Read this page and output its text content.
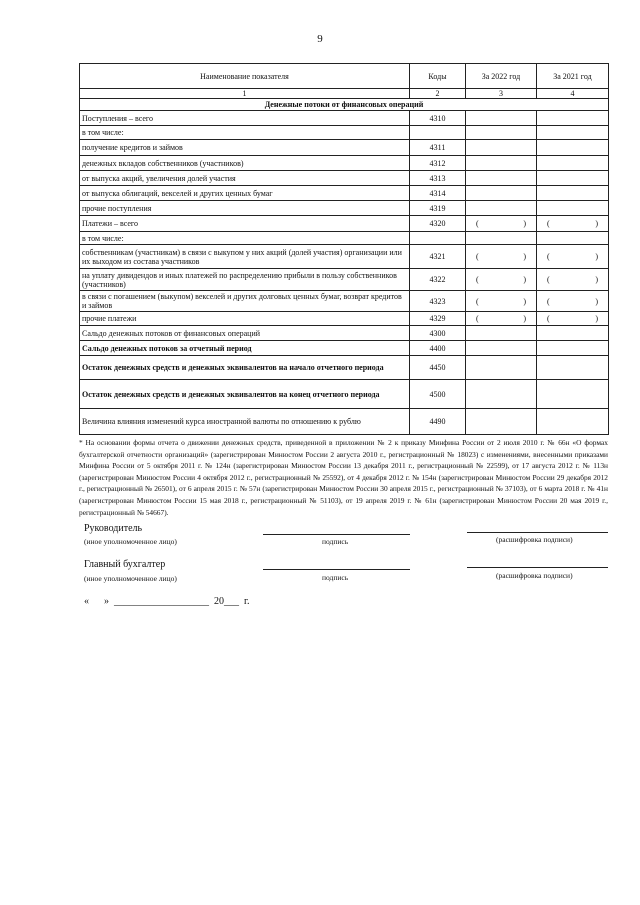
9
Наименование показателя	Коды	За 2022 год	За 2021 год
1	2	3	4
Денежные потоки от финансовых операций			
Поступления – всего	4310		
в том числе:			
получение кредитов и займов	4311		
денежных вкладов собственников (участников)	4312		
от выпуска акций, увеличения долей участия	4313		
от выпуска облигаций, векселей и других ценных бумаг	4314		
прочие поступления	4319		
Платежи – всего	4320	( )	( )

в том числе:			
собственникам (участникам) в связи с выкупом у них акций (долей участия) организации или их выходом из состава участников	4321	( )	( )

на уплату дивидендов и иных платежей по распределению прибыли в пользу собственников (участников)	4322	( )	( )

в связи с погашением (выкупом) векселей и других долговых ценных бумаг, возврат кредитов и займов	4323	( )	( )

прочие платежи	4329	( )	( )

Сальдо денежных потоков от финансовых операций	4300		
Сальдо денежных потоков за отчетный период	4400		
Остаток денежных средств и денежных эквивалентов на начало отчетного периода	4450		
Остаток денежных средств и денежных эквивалентов на конец отчетного периода	4500		
Величина влияния изменений курса иностранной валюты по отношению к рублю	4490		
* На основании формы отчета о движении денежных средств, приведенной в приложении № 2 к приказу Минфина России от 2 июля 2010 г. № 66н «О формах бухгалтерской отчетности организаций» (зарегистрирован Минюстом России 2 августа 2010 г., регистрационный № 18023) с изменениями, внесенными приказами Минфина России от 5 октября 2011 г. № 124н (зарегистрирован Минюстом России 13 декабря 2011 г., регистрационный № 22599), от 17 августа 2012 г. № 113н (зарегистрирован Минюстом России 4 октября 2012 г., регистрационный № 25592), от 4 декабря 2012 г. № 154н (зарегистрирован Минюстом России 29 декабря 2012 г., регистрационный № 26501), от 6 апреля 2015 г. № 57н (зарегистрирован Минюстом России 30 апреля 2015 г., регистрационный № 37103), от 6 марта 2018 г. № 41н (зарегистрирован Минюстом России 15 мая 2018 г., регистрационный № 51103), от 19 апреля 2019 г. № 61н (зарегистрирован Минюстом России 20 мая 2019 г., регистрационный № 54667).
Руководитель
(иное уполномоченное лицо)	подпись	(расшифровка подписи)
Главный бухгалтер
(иное уполномоченное лицо)	подпись	(расшифровка подписи)
«      »  ___________________  20___  г.
